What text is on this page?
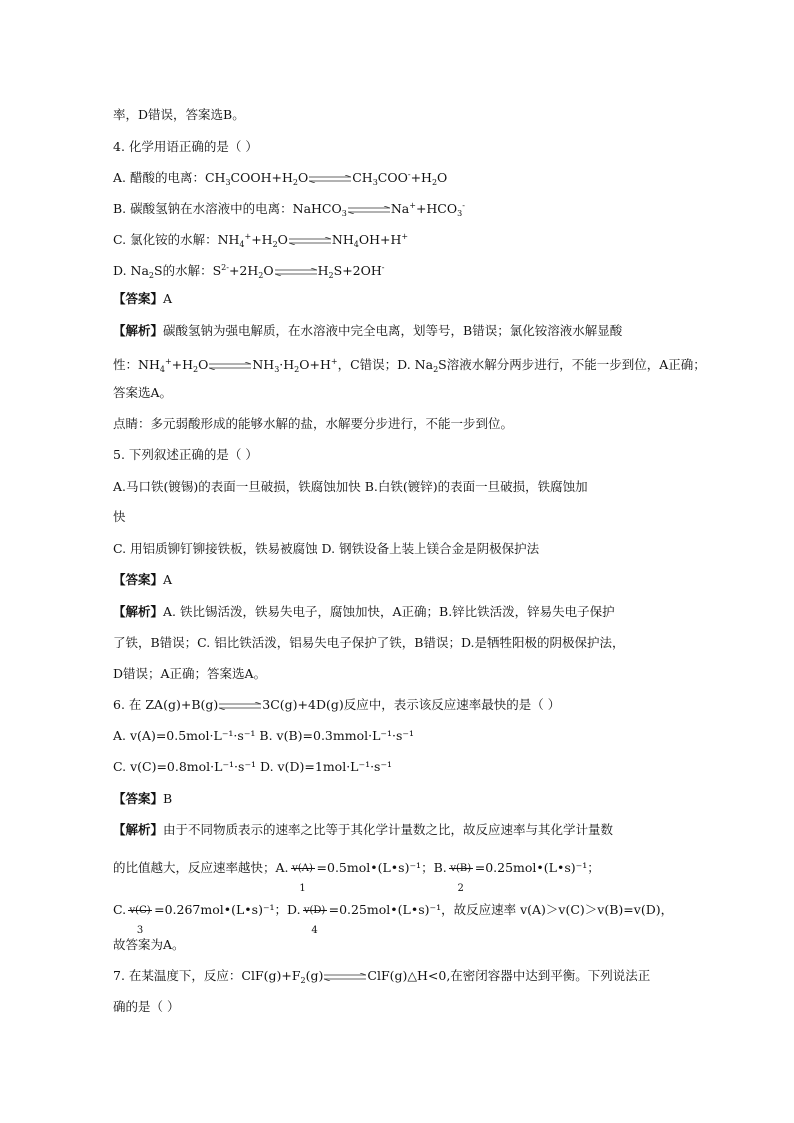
率，D错误，答案选B。
4. 化学用语正确的是（ ）
A. 醋酸的电离：$CH_3COOH+H_2O\rightleftharpoons CH_3COO^-+H_2O$
B. 碳酸氢钠在水溶液中的电离：$NaHCO_3\rightleftharpoons Na^++HCO_3^-$
C. 氯化铵的水解：$NH_4^++H_2O\rightleftharpoons NH_4OH+H^+$
D. $Na_2S$的水解：$S^{2-}+2H_2O\rightleftharpoons H_2S+2OH^-$
【答案】A
【解析】碳酸氢钠为强电解质，在水溶液中完全电离，划等号，B错误；氯化铵溶液水解显酸
性：$NH_4^++H_2O\rightleftharpoons NH_3\cdot H_2O+H^+$，C错误；D. $Na_2S$溶液水解分两步进行，不能一步到位，A正确；
答案选A。
点睛：多元弱酸形成的能够水解的盐，水解要分步进行，不能一步到位。
5. 下列叙述正确的是（ ）
A.马口铁(镀锡)的表面一旦破损，铁腐蚀加快 B.白铁(镀锌)的表面一旦破损，铁腐蚀加
快
C. 用铝质铆钉铆接铁板，铁易被腐蚀 D. 钢铁设备上装上镁合金是阴极保护法
【答案】A
【解析】A. 铁比锡活泼，铁易失电子，腐蚀加快，A正确；B.锌比铁活泼，锌易失电子保护
了铁，B错误；C. 铝比铁活泼，铝易失电子保护了铁，B错误；D.是牺牲阳极的阴极保护法，
D错误；A正确；答案选A。
6. 在 ZA(g)+B(g)⇌3C(g)+4D(g)反应中，表示该反应速率最快的是（ ）
A. v(A)=0.5mol·L⁻¹·s⁻¹ B. v(B)=0.3mmol·L⁻¹·s⁻¹
C. v(C)=0.8mol·L⁻¹·s⁻¹ D. v(D)=1mol·L⁻¹·s⁻¹
【答案】B
【解析】由于不同物质表示的速率之比等于其化学计量数之比，故反应速率与其化学计量数
的比值越大，反应速率越快；A. v(A)
1
=0.5mol•(L•s)⁻¹；B. v(B)
2
=0.25mol•(L•s)⁻¹；
C. v(C)
3
=0.267mol•(L•s)⁻¹；D. v(D)
4
=0.25mol•(L•s)⁻¹，故反应速率 v(A)＞v(C)＞v(B)=v(D)，
故答案为A。
7. 在某温度下，反应：$ClF(g)+F_2(g)\rightleftharpoons ClF(g)\triangle H<0$,在密闭容器中达到平衡。下列说法正
确的是（ ）
